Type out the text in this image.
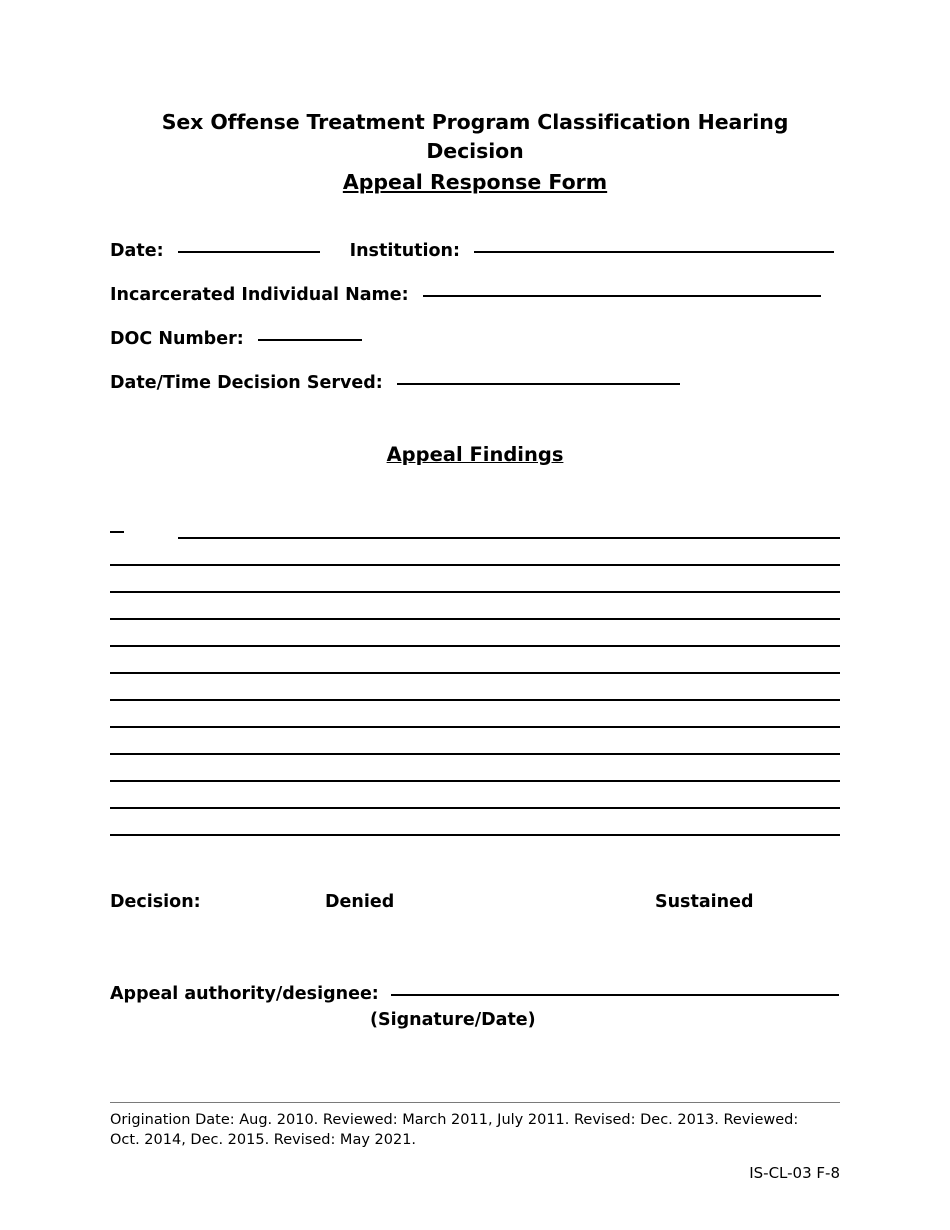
Sex Offense Treatment Program Classification Hearing
Decision
Appeal Response Form
Date:	Institution:
Incarcerated Individual Name:
DOC Number:
Date/Time Decision Served:
Appeal Findings
Decision:	Denied	Sustained
Appeal authority/designee:
(Signature/Date)
Origination Date: Aug. 2010. Reviewed: March 2011, July 2011. Revised: Dec. 2013. Reviewed: Oct. 2014, Dec. 2015. Revised: May 2021.
IS-CL-03 F-8
